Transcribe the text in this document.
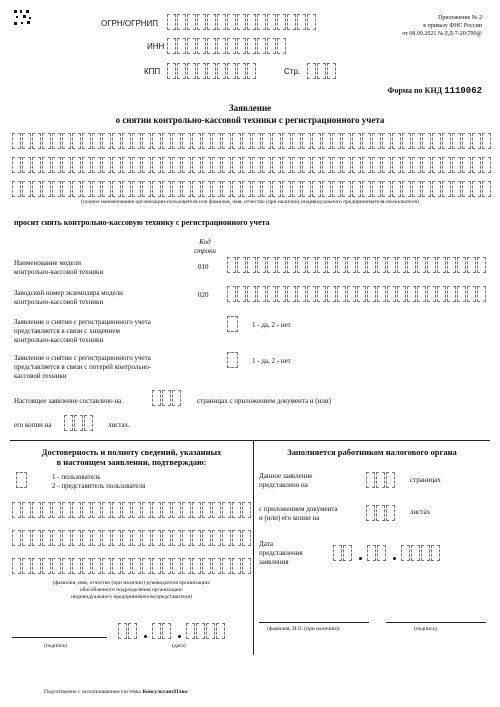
ОГРН/ОГРНИП
ИНН
КПП	Стр.
Приложение № 2
к приказу ФНС России
от 08.09.2021 № ЕД-7-20/799@
Форма по КНД 1110062
Заявление
о снятии контрольно-кассовой техники с регистрационного учета
(полное наименование организации-пользователя или фамилия, имя, отчество (при наличии) индивидуального предпринимателя-пользователя)
просит снять контрольно-кассовую технику с регистрационного учета
Код
строки
Наименование модели
контрольно-кассовой техники
010
Заводской номер экземпляра модели
контрольно-кассовой техники
020
Заявление о снятии с регистрационного учета
представляется в связи с хищением
контрольно-кассовой техники
1 - да, 2 - нет
Заявление о снятии с регистрационного учета
представляется в связи с потерей контрольно-
кассовой техники
1 - да, 2 - нет
Настоящее заявление составлено на	страницах с приложением документа и (или)
его копии на	листах.
Достоверность и полноту сведений, указанных
в настоящем заявлении, подтверждаю:
1 - пользователь
2 - представитель пользователя
(фамилия, имя, отчество (при наличии) руководителя организации/
обособленного подразделения организации/
индивидуального предпринимателя/представителя)
(подпись)	(дата)
Заполняется работником налогового органа
Данное заявление
представлено на
страницах
с приложением документа
и (или) его копии на
листах
Дата
представления
заявления
(фамилия, И.О. (при наличии))	(подпись)
Подготовлено с использованием системы КонсультантПлюс
